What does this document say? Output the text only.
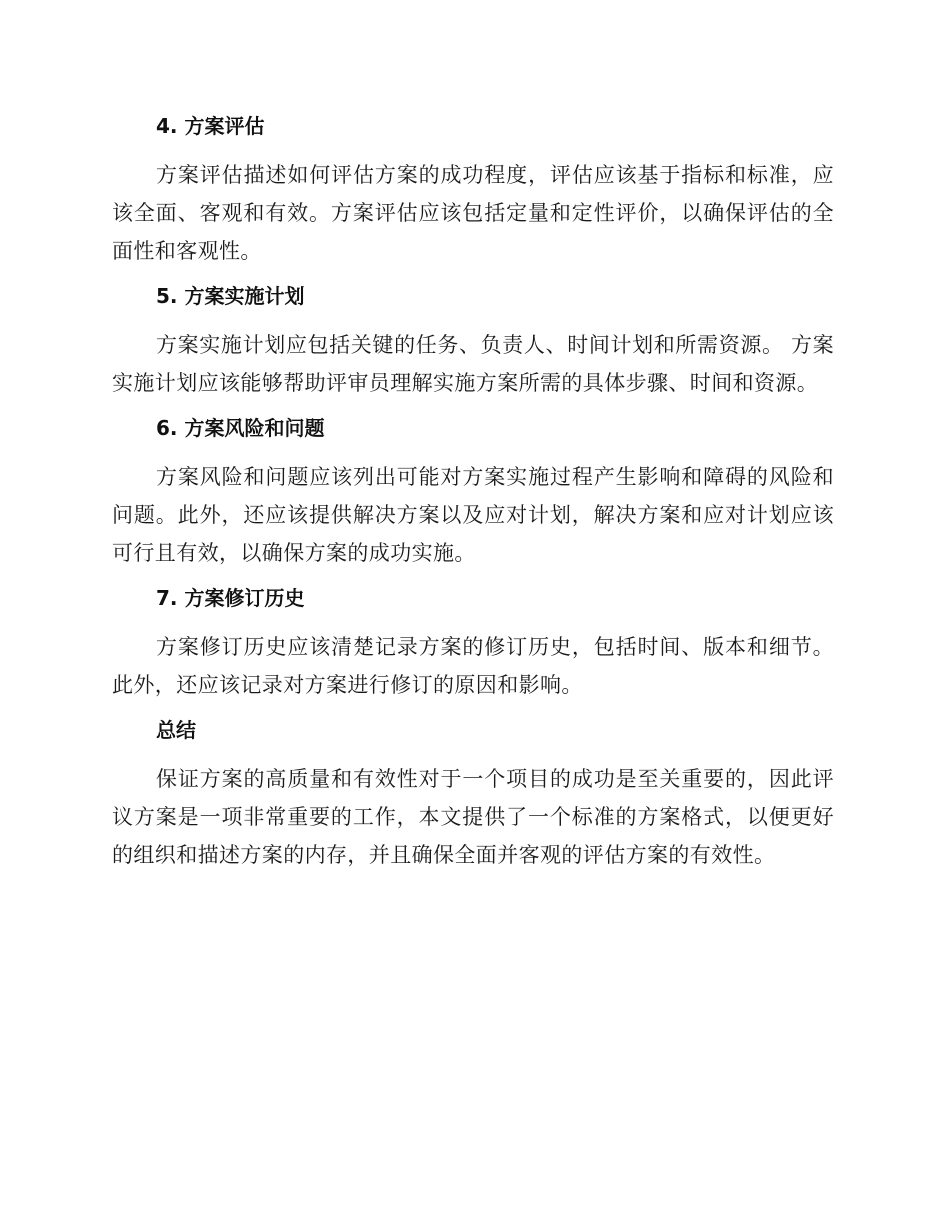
4. 方案评估

方案评估描述如何评估方案的成功程度，评估应该基于指标和标准，应该全面、客观和有效。方案评估应该包括定量和定性评价，以确保评估的全面性和客观性。

5. 方案实施计划

方案实施计划应包括关键的任务、负责人、时间计划和所需资源。 方案实施计划应该能够帮助评审员理解实施方案所需的具体步骤、时间和资源。

6. 方案风险和问题

方案风险和问题应该列出可能对方案实施过程产生影响和障碍的风险和问题。此外，还应该提供解决方案以及应对计划，解决方案和应对计划应该可行且有效，以确保方案的成功实施。

7. 方案修订历史

方案修订历史应该清楚记录方案的修订历史，包括时间、版本和细节。此外，还应该记录对方案进行修订的原因和影响。

总结

保证方案的高质量和有效性对于一个项目的成功是至关重要的，因此评议方案是一项非常重要的工作，本文提供了一个标准的方案格式，以便更好的组织和描述方案的内存，并且确保全面并客观的评估方案的有效性。
